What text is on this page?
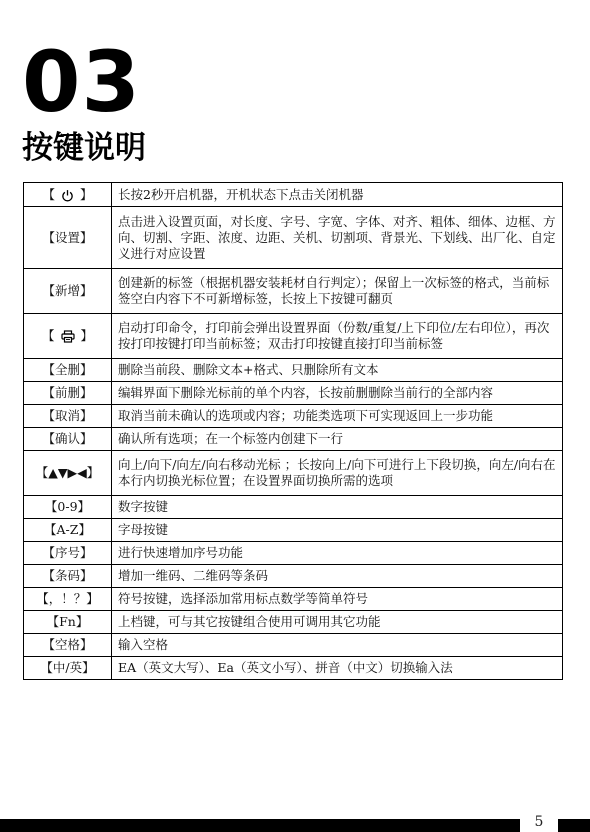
03
按键说明
【 】	长按2秒开启机器，开机状态下点击关闭机器
【设置】	点击进入设置页面，对长度、字号、字宽、字体、对齐、粗体、细体、边框、方向、切割、字距、浓度、边距、关机、切割项、背景光、下划线、出厂化、自定义进行对应设置
【新增】	创建新的标签（根据机器安装耗材自行判定）；保留上一次标签的格式，当前标签空白内容下不可新增标签，长按上下按键可翻页
【 】	启动打印命令，打印前会弹出设置界面（份数/重复/上下印位/左右印位），再次按打印按键打印当前标签；双击打印按键直接打印当前标签
【全删】	删除当前段、删除文本+格式、只删除所有文本
【前删】	编辑界面下删除光标前的单个内容，长按前删删除当前行的全部内容
【取消】	取消当前未确认的选项或内容；功能类选项下可实现返回上一步功能
【确认】	确认所有选项；在一个标签内创建下一行
【▲▼▶◀】	向上/向下/向左/向右移动光标 ；长按向上/向下可进行上下段切换，向左/向右在本行内切换光标位置；在设置界面切换所需的选项
【0-9】	数字按键
【A-Z】	字母按键
【序号】	进行快速增加序号功能
【条码】	增加一维码、二维码等条码
【，！？】	符号按键，选择添加常用标点数学等简单符号
【Fn】	上档键，可与其它按键组合使用可调用其它功能
【空格】	输入空格
【中/英】	EA（英文大写）、Ea（英文小写）、拼音（中文）切换输入法
5
